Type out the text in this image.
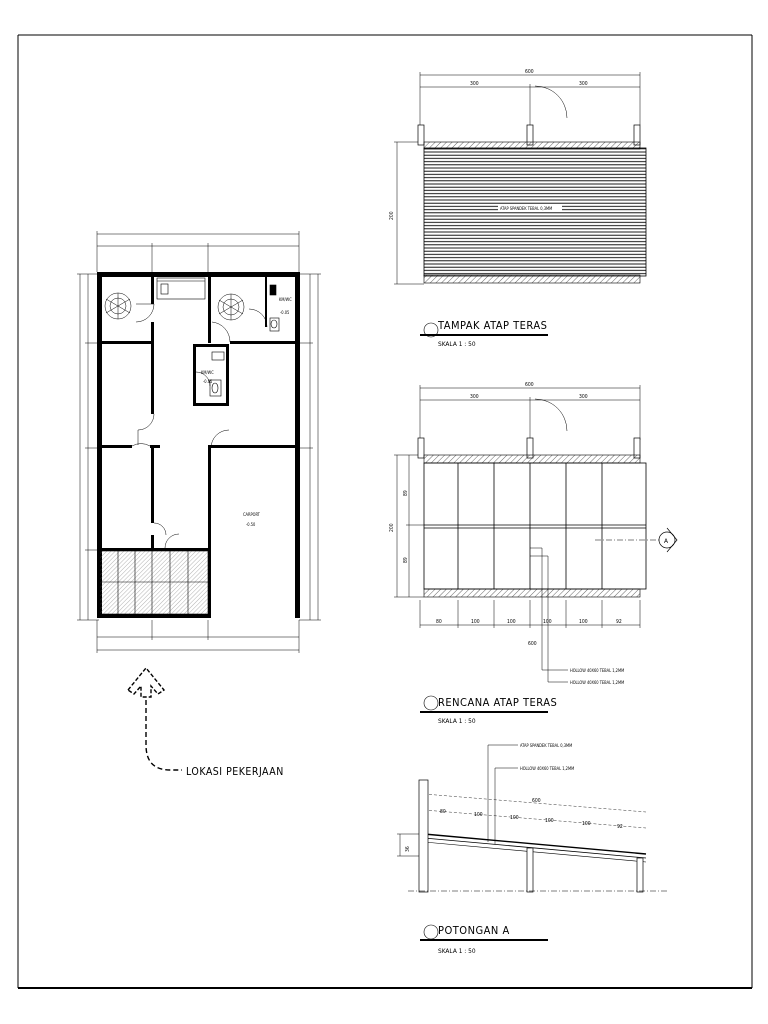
KM/WC
-0.05
KM/WC
-0.05
CARPORT
-0.50
LOKASI PEKERJAAN
600
300	300
200
ATAP SPANDEK TEBAL 0,3MM
TAMPAK ATAP TERAS
SKALA 1 : 50
600
300	300
200
89
89
80	100	100	100	100	92
600
A
HOLLOW 40X60 TEBAL 1,2MM
HOLLOW 40X60 TEBAL 1,2MM
RENCANA ATAP TERAS
SKALA 1 : 50
ATAP SPANDEK TEBAL 0,3MM
HOLLOW 40X60 TEBAL 1,2MM
36
600
80	100	100	100	100	92
POTONGAN A
SKALA 1 : 50
